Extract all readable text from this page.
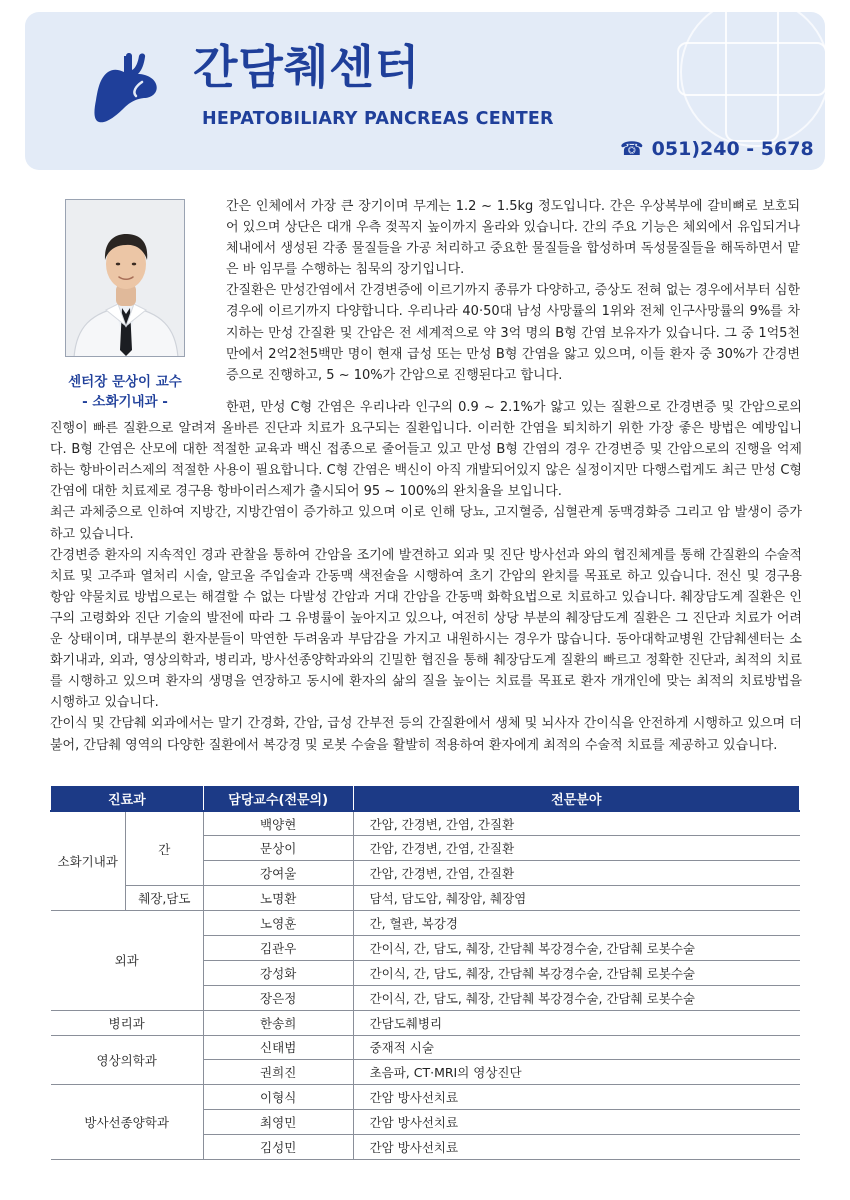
간담췌센터
HEPATOBILIARY PANCREAS CENTER
☎ 051)240 - 5678
센터장 문상이 교수
- 소화기내과 -
간은 인체에서 가장 큰 장기이며 무게는 1.2 ~ 1.5kg 정도입니다. 간은 우상복부에 갈비뼈로 보호되어 있으며 상단은 대개 우측 젖꼭지 높이까지 올라와 있습니다. 간의 주요 기능은 체외에서 유입되거나 체내에서 생성된 각종 물질들을 가공 처리하고 중요한 물질들을 합성하며 독성물질들을 해독하면서 맡은 바 임무를 수행하는 침묵의 장기입니다.
간질환은 만성간염에서 간경변증에 이르기까지 종류가 다양하고, 증상도 전혀 없는 경우에서부터 심한 경우에 이르기까지 다양합니다. 우리나라 40·50대 남성 사망률의 1위와 전체 인구사망률의 9%를 차지하는 만성 간질환 및 간암은 전 세계적으로 약 3억 명의 B형 간염 보유자가 있습니다. 그 중 1억5천만에서 2억2천5백만 명이 현재 급성 또는 만성 B형 간염을 앓고 있으며, 이들 환자 중 30%가 간경변증으로 진행하고, 5 ~ 10%가 간암으로 진행된다고 합니다.
한편, 만성 C형 간염은 우리나라 인구의 0.9 ~ 2.1%가 앓고 있는 질환으로 간경변증 및 간암으로의 진행이 빠른 질환으로 알려져 올바른 진단과 치료가 요구되는 질환입니다. 이러한 간염을 퇴치하기 위한 가장 좋은 방법은 예방입니다. B형 간염은 산모에 대한 적절한 교육과 백신 접종으로 줄어들고 있고 만성 B형 간염의 경우 간경변증 및 간암으로의 진행을 억제하는 항바이러스제의 적절한 사용이 필요합니다. C형 간염은 백신이 아직 개발되어있지 않은 실정이지만 다행스럽게도 최근 만성 C형 간염에 대한 치료제로 경구용 항바이러스제가 출시되어 95 ~ 100%의 완치율을 보입니다.
최근 과체중으로 인하여 지방간, 지방간염이 증가하고 있으며 이로 인해 당뇨, 고지혈증, 심혈관계 동맥경화증 그리고 암 발생이 증가하고 있습니다.
간경변증 환자의 지속적인 경과 관찰을 통하여 간암을 조기에 발견하고 외과 및 진단 방사선과 와의 협진체계를 통해 간질환의 수술적 치료 및 고주파 열처리 시술, 알코올 주입술과 간동맥 색전술을 시행하여 초기 간암의 완치를 목표로 하고 있습니다. 전신 및 경구용 항암 약물치료 방법으로는 해결할 수 없는 다발성 간암과 거대 간암을 간동맥 화학요법으로 치료하고 있습니다. 췌장담도계 질환은 인구의 고령화와 진단 기술의 발전에 따라 그 유병률이 높아지고 있으나, 여전히 상당 부분의 췌장담도계 질환은 그 진단과 치료가 어려운 상태이며, 대부분의 환자분들이 막연한 두려움과 부담감을 가지고 내원하시는 경우가 많습니다. 동아대학교병원 간담췌센터는 소화기내과, 외과, 영상의학과, 병리과, 방사선종양학과와의 긴밀한 협진을 통해 췌장담도계 질환의 빠르고 정확한 진단과, 최적의 치료를 시행하고 있으며 환자의 생명을 연장하고 동시에 환자의 삶의 질을 높이는 치료를 목표로 환자 개개인에 맞는 최적의 치료방법을 시행하고 있습니다.
간이식 및 간담췌 외과에서는 말기 간경화, 간암, 급성 간부전 등의 간질환에서 생체 및 뇌사자 간이식을 안전하게 시행하고 있으며 더불어, 간담췌 영역의 다양한 질환에서 복강경 및 로봇 수술을 활발히 적용하여 환자에게 최적의 수술적 치료를 제공하고 있습니다.
진료과		담당교수(전문의)	전문분야
소화기내과	간	백양현	간암, 간경변, 간염, 간질환
		문상이	간암, 간경변, 간염, 간질환
		강여울	간암, 간경변, 간염, 간질환
	췌장,담도	노명환	담석, 담도암, 췌장암, 췌장염
외과		노영훈	간, 혈관, 복강경
		김관우	간이식, 간, 담도, 췌장, 간담췌 복강경수술, 간담췌 로봇수술
		강성화	간이식, 간, 담도, 췌장, 간담췌 복강경수술, 간담췌 로봇수술
		장은정	간이식, 간, 담도, 췌장, 간담췌 복강경수술, 간담췌 로봇수술
병리과		한송희	간담도췌병리
영상의학과		신태범	중재적 시술
		권희진	초음파, CT·MRI의 영상진단
방사선종양학과		이형식	간암 방사선치료
		최영민	간암 방사선치료
		김성민	간암 방사선치료
